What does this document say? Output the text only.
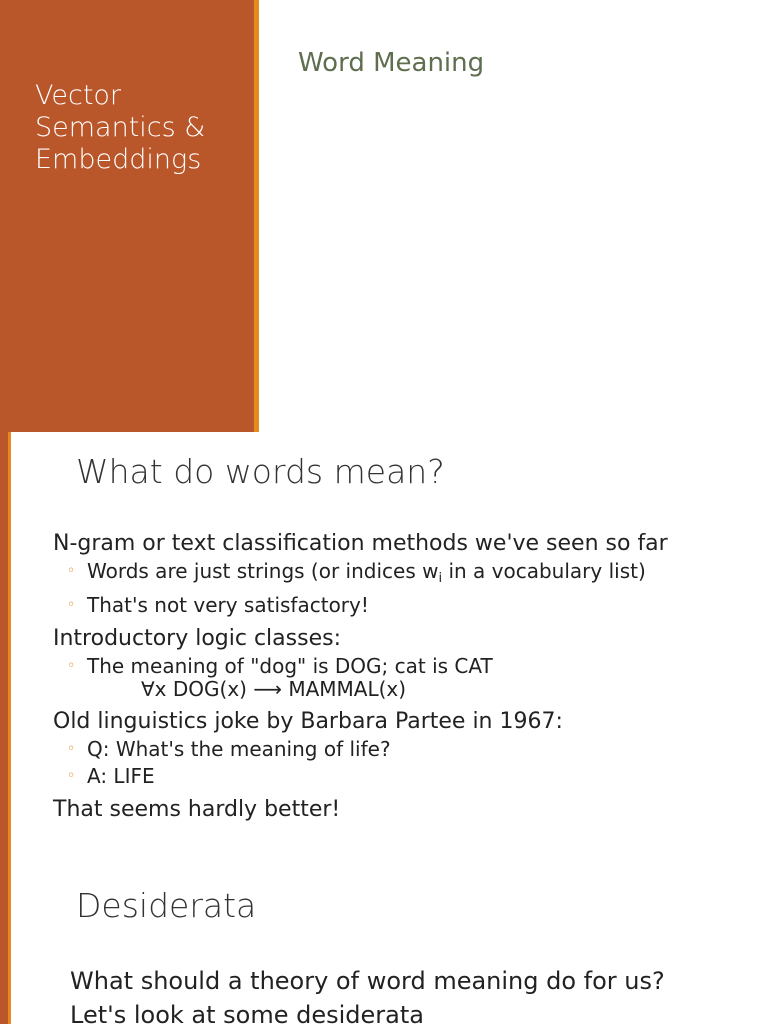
Vector
Semantics &
Embeddings
Word Meaning
What do words mean?

N-gram or text classification methods we've seen so far

◦ Words are just strings (or indices $w_i$ in a vocabulary list)
◦ That's not very satisfactory!

Introductory logic classes:

◦ The meaning of "dog" is DOG; cat is CAT
∀x DOG(x) ⟶ MAMMAL(x)

Old linguistics joke by Barbara Partee in 1967:

◦ Q: What's the meaning of life?
◦ A: LIFE

That seems hardly better!

Desiderata

What should a theory of word meaning do for us?

Let's look at some desiderata
